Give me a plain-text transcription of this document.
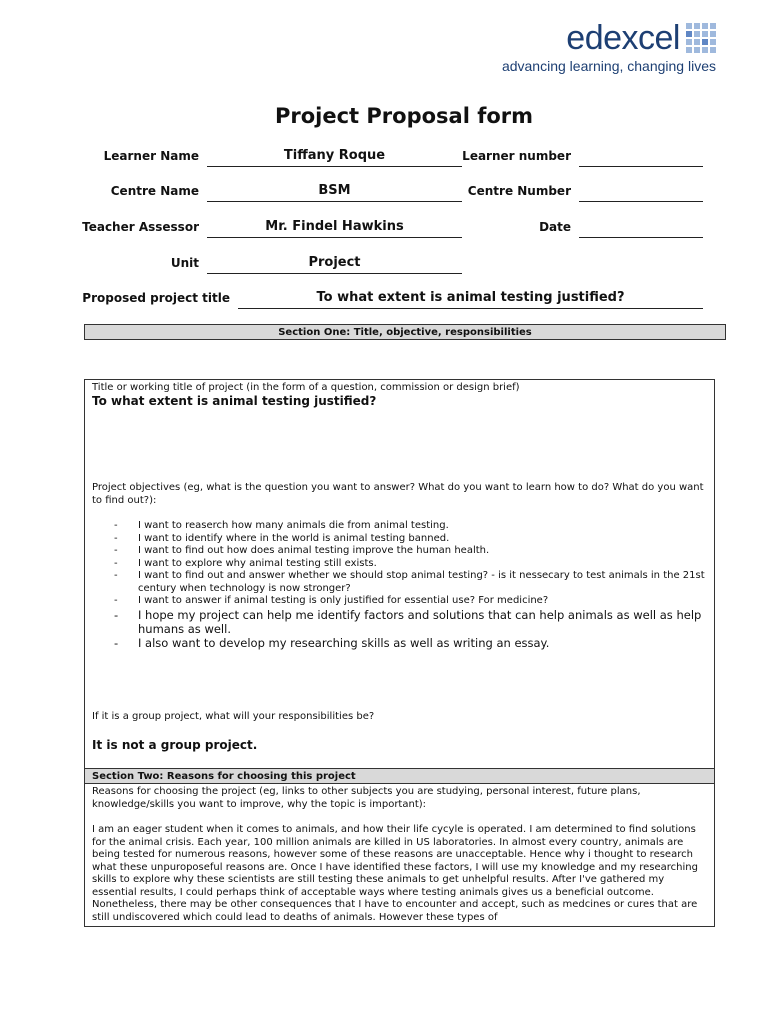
edexcel
advancing learning, changing lives
Project Proposal form
Learner Name	Tiffany Roque	Learner number
Centre Name	BSM	Centre Number
Teacher Assessor	Mr. Findel Hawkins	Date
Unit	Project
Proposed project title	To what extent is animal testing justified?
Section One: Title, objective, responsibilities
Title or working title of project (in the form of a question, commission or design brief)
To what extent is animal testing justified?
Project objectives (eg, what is the question you want to answer? What do you want to learn how to do? What do you want to find out?):
- I want to reaserch how many animals die from animal testing.
- I want to identify where in the world is animal testing banned.
- I want to find out how does animal testing improve the human health.
- I want to explore why animal testing still exists.
- I want to find out and answer whether we should stop animal testing? - is it nessecary to test animals in the 21st century when technology is now stronger?
- I want to answer if animal testing is only justified for essential use? For medicine?
- I hope my project can help me identify factors and solutions that can help animals as well as help humans as well.
- I also want to develop my researching skills as well as writing an essay.
If it is a group project, what will your responsibilities be?
It is not a group project.
Section Two: Reasons for choosing this project
Reasons for choosing the project (eg, links to other subjects you are studying, personal interest, future plans, knowledge/skills you want to improve, why the topic is important):
I am an eager student when it comes to animals, and how their life cycyle is operated. I am determined to find solutions for the animal crisis. Each year, 100 million animals are killed in US laboratories. In almost every country, animals are being tested for numerous reasons, however some of these reasons are unacceptable. Hence why i thought to research what these unpuroposeful reasons are. Once I have identified these factors, I will use my knowledge and my researching skills to explore why these scientists are still testing these animals to get unhelpful results. After I've gathered my essential results, I could perhaps think of acceptable ways where testing animals gives us a beneficial outcome. Nonetheless, there may be other consequences that I have to encounter and accept, such as medcines or cures that are still undiscovered which could lead to deaths of animals. However these types of
